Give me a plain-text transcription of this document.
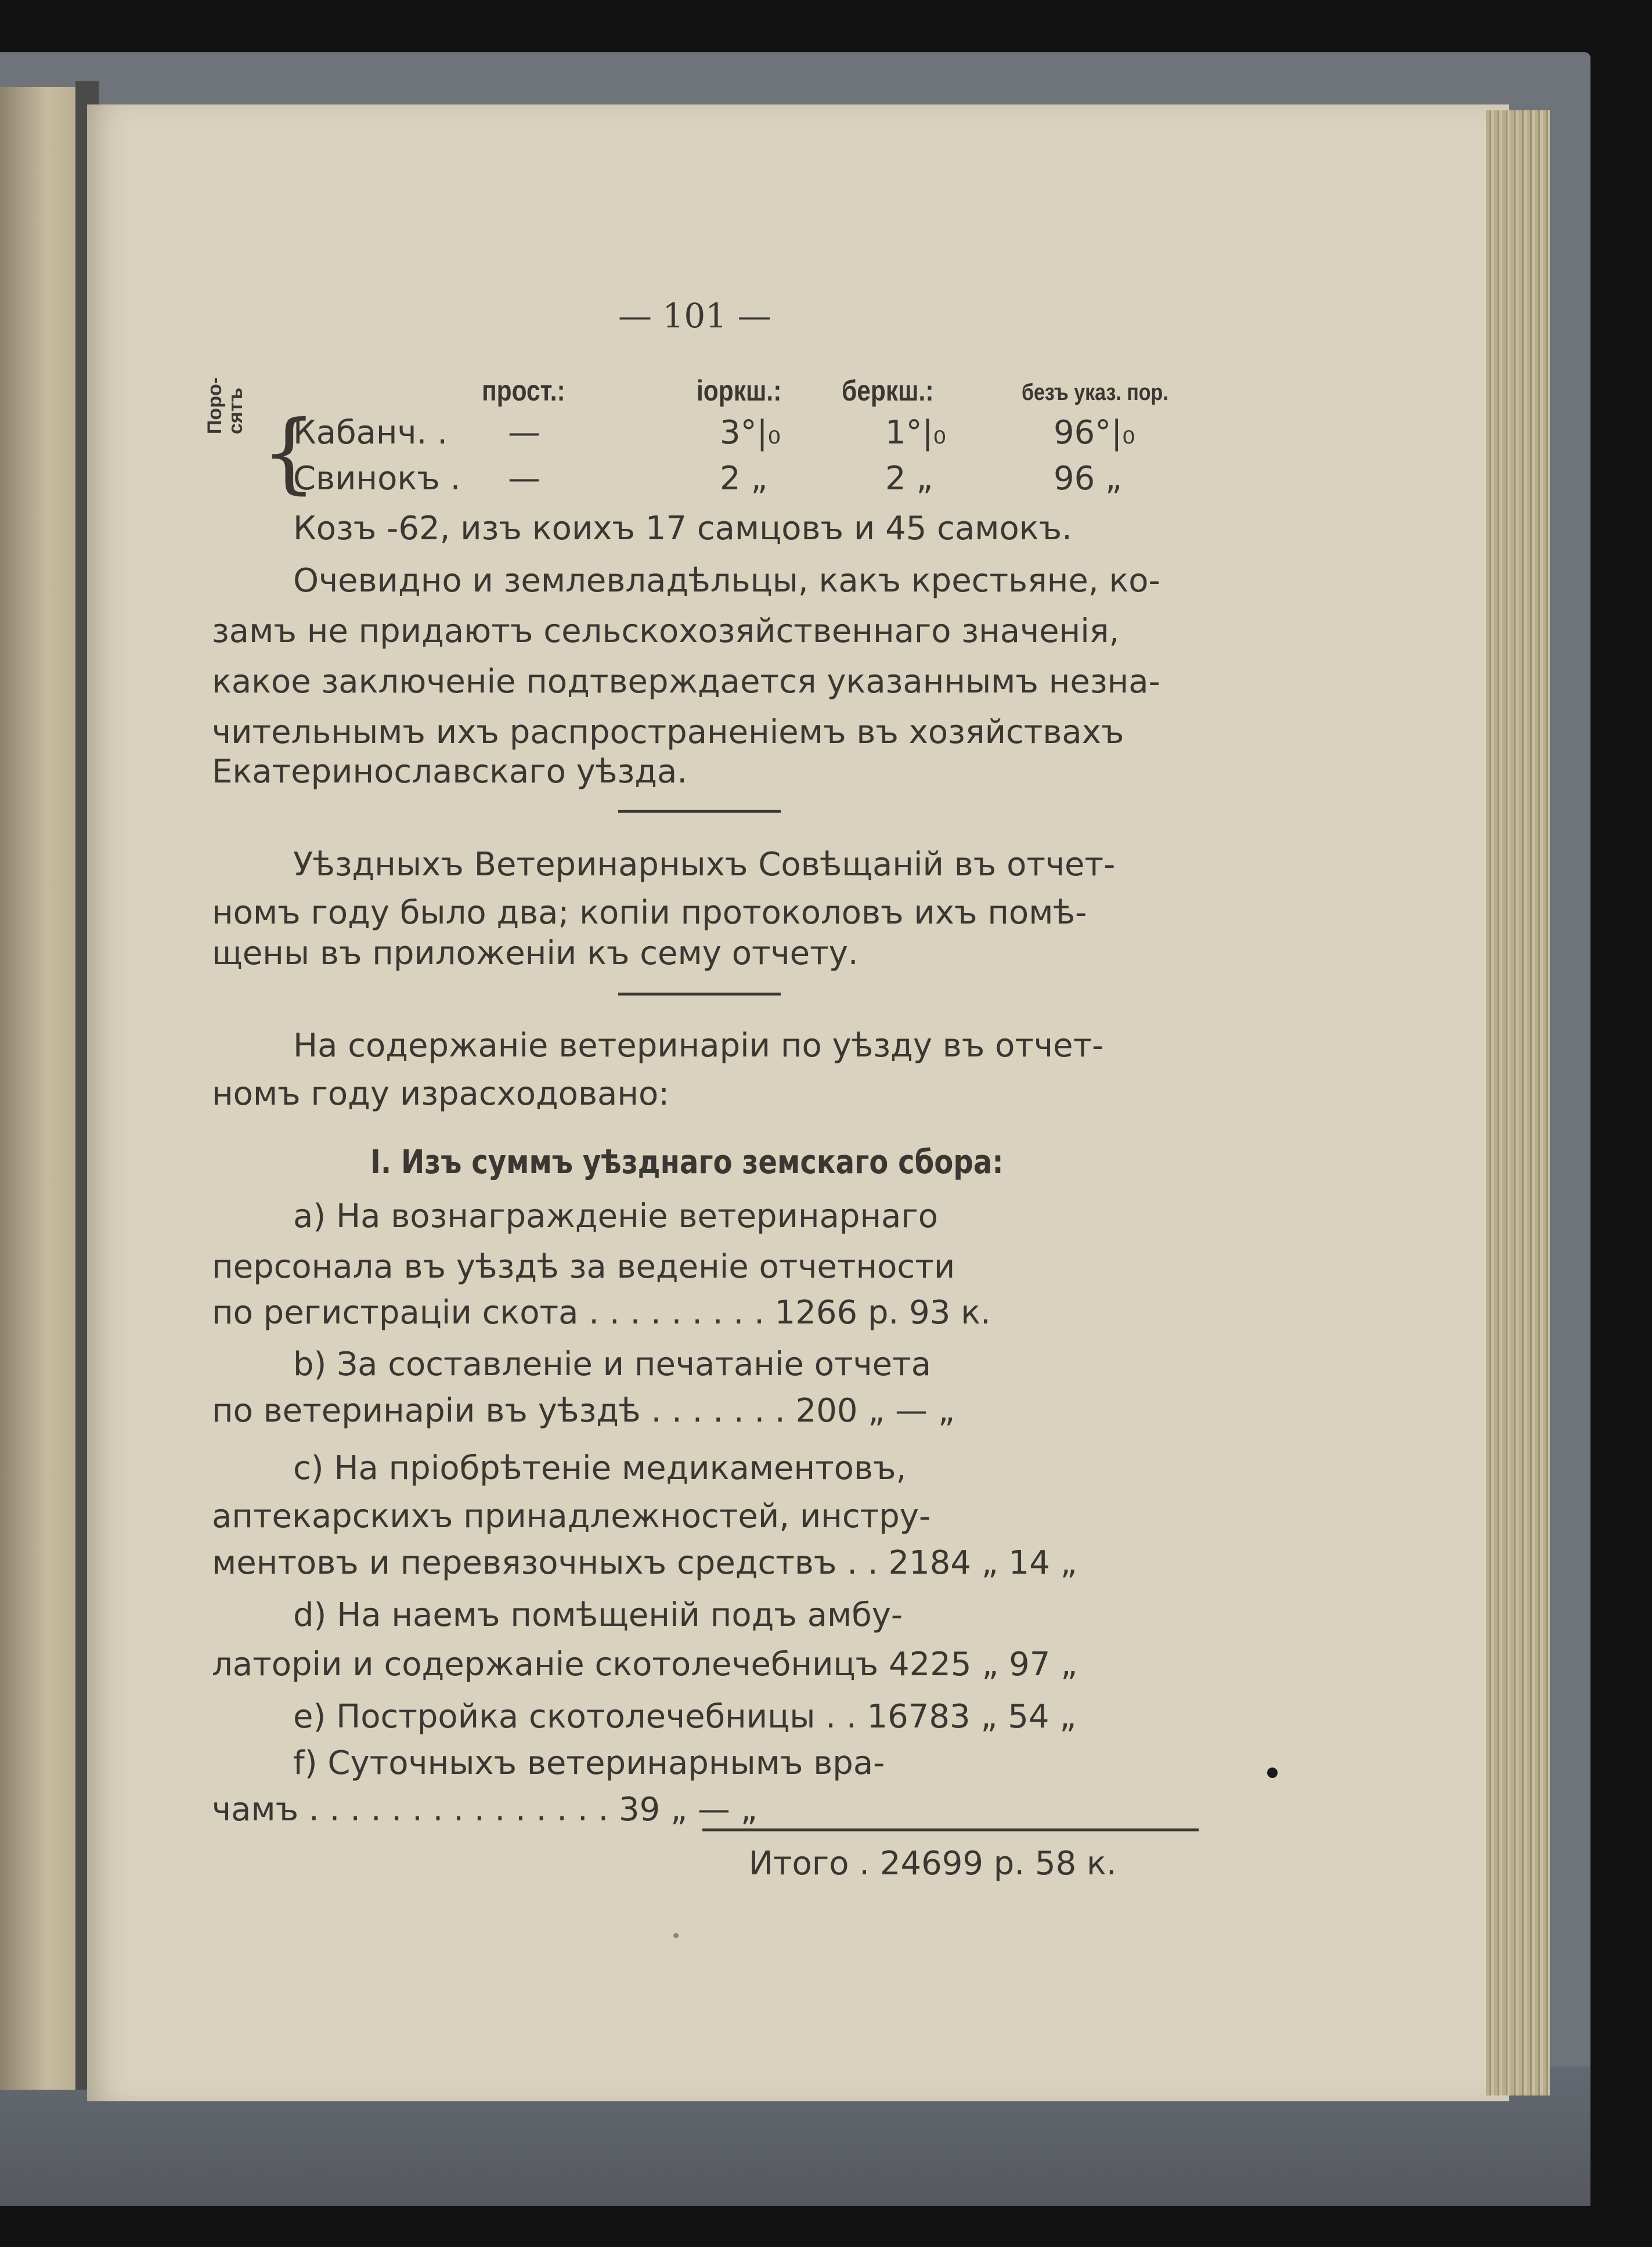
— 101 —
прост.:	іоркш.: беркш.:	безъ указ. пор.
Поро-
сятъ {
Кабанч. . —	3°|₀	1°|₀	96°|₀
Свинокъ . —	2 „	2 „	96 „
Козъ -62, изъ коихъ 17 самцовъ и 45 самокъ.
Очевидно и землевладѣльцы, какъ крестьяне, ко-
замъ не придаютъ сельскохозяйственнаго значенія,
какое заключеніе подтверждается указаннымъ незна-
чительнымъ ихъ распространеніемъ въ хозяйствахъ
Екатеринославскаго уѣзда.
Уѣздныхъ Ветеринарныхъ Совѣщаній въ отчет-
номъ году было два; копіи протоколовъ ихъ помѣ-
щены въ приложеніи къ сему отчету.
На содержаніе ветеринаріи по уѣзду въ отчет-
номъ году израсходовано:
I. Изъ суммъ уѣзднаго земскаго сбора:
a) На вознагражденіе ветеринарнаго
персонала въ уѣздѣ за веденіе отчетности
по регистраціи скота . . . . . . . . . 1266 р. 93 к.
b) За составленіе и печатаніе отчета
по ветеринаріи въ уѣздѣ . . . . . . . 200 „ — „
c) На пріобрѣтеніе медикаментовъ,
аптекарскихъ принадлежностей, инстру-
ментовъ и перевязочныхъ средствъ . . 2184 „ 14 „
d) На наемъ помѣщеній подъ амбу-
латоріи и содержаніе скотолечебницъ 4225 „ 97 „
e) Постройка скотолечебницы . . 16783 „ 54 „
f) Суточныхъ ветеринарнымъ вра-
чамъ . . . . . . . . . . . . . . . 39 „ — „
Итого . 24699 р. 58 к.
